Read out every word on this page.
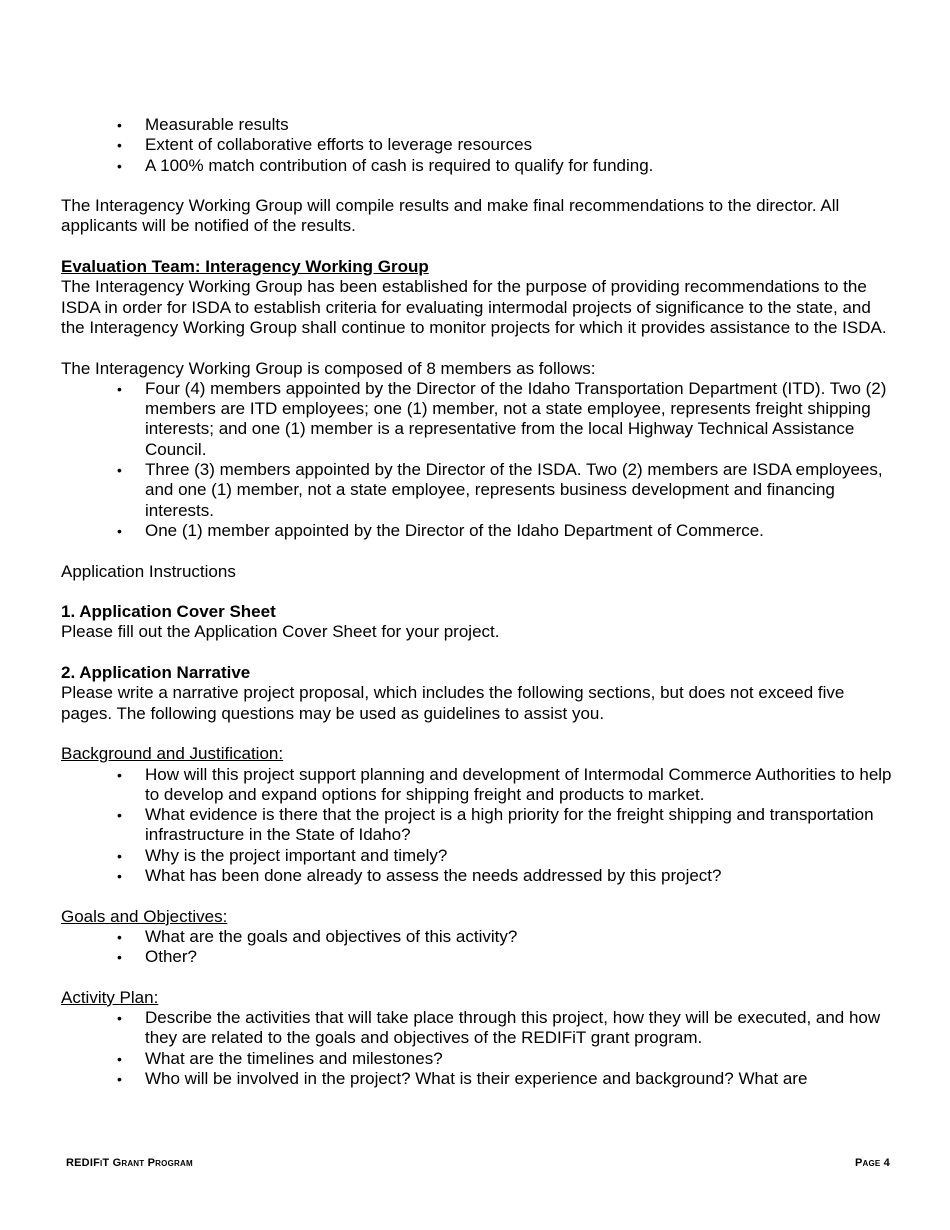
• Measurable results
• Extent of collaborative efforts to leverage resources
• A 100% match contribution of cash is required to qualify for funding.

The Interagency Working Group will compile results and make final recommendations to the director. All applicants will be notified of the results.

Evaluation Team: Interagency Working Group

The Interagency Working Group has been established for the purpose of providing recommendations to the ISDA in order for ISDA to establish criteria for evaluating intermodal projects of significance to the state, and the Interagency Working Group shall continue to monitor projects for which it provides assistance to the ISDA.

The Interagency Working Group is composed of 8 members as follows:

• Four (4) members appointed by the Director of the Idaho Transportation Department (ITD). Two (2) members are ITD employees; one (1) member, not a state employee, represents freight shipping interests; and one (1) member is a representative from the local Highway Technical Assistance Council.
• Three (3) members appointed by the Director of the ISDA. Two (2) members are ISDA employees, and one (1) member, not a state employee, represents business development and financing interests.
• One (1) member appointed by the Director of the Idaho Department of Commerce.

Application Instructions

1. Application Cover Sheet

Please fill out the Application Cover Sheet for your project.

2. Application Narrative

Please write a narrative project proposal, which includes the following sections, but does not exceed five pages. The following questions may be used as guidelines to assist you.

Background and Justification:

• How will this project support planning and development of Intermodal Commerce Authorities to help to develop and expand options for shipping freight and products to market.
• What evidence is there that the project is a high priority for the freight shipping and transportation infrastructure in the State of Idaho?
• Why is the project important and timely?
• What has been done already to assess the needs addressed by this project?

Goals and Objectives:

• What are the goals and objectives of this activity?
• Other?

Activity Plan:

• Describe the activities that will take place through this project, how they will be executed, and how they are related to the goals and objectives of the REDIFiT grant program.
• What are the timelines and milestones?
• Who will be involved in the project? What is their experience and background? What are
REDIFiT Grant Program	Page 4
